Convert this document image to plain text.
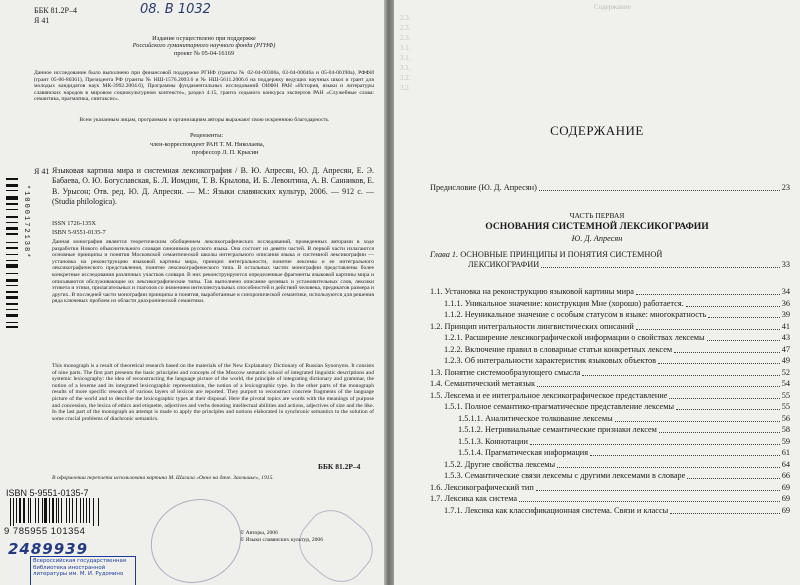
08. В 1032
ББК 81.2Р–4
Я 41

Издание осуществлено при поддержке

Российского гуманитарного научного фонда (РГНФ)

проект № 05-04-16169

Данное исследование было выполнено при финансовой поддержке РГНФ (гранты № 02-04-00306а, 03-04-00046а и 05-04-00190а), РФФИ (грант 05-06-80361), Президента РФ (гранты № НШ-1576.2003.6 и № НШ-5611.2006.6 на поддержку ведущих научных школ и грант для молодых кандидатов наук МК-3992.2004.6), Программы фундаментальных исследований ОИФН РАН «История, языки и литературы славянских народов в мировом социокультурном контексте», раздел 4.15, гранта седьмого конкурса экспертов РАН «Служебные слова: семантика, прагматика, синтаксис».

Всем указанным лицам, программам и организациям авторы выражают свою искреннюю благодарность

Рецензенты:
член-корреспондент РАН Т. М. Николаева,
профессор Л. П. Крысин
Я 41 Языковая картина мира и системная лексикография / В. Ю. Апресян, Ю. Д. Апресян, Е. Э. Бабаева, О. Ю. Богуславская, Б. Л. Иомдин, Т. В. Крылова, И. Б. Левонтина, А. В. Санников, Е. В. Урысон; Отв. ред. Ю. Д. Апресян. — М.: Языки славянских культур, 2006. — 912 с. — (Studia philologica).

ISSN 1726-135X
ISBN 5-9551-0135-7

Данная монография является теоретическим обобщением лексикографических исследований, проведенных авторами в ходе разработки Нового объяснительного словаря синонимов русского языка. Она состоит из девяти частей. В первой части излагаются основные принципы и понятия Московской семантической школы интегрального описания языка и системной лексикографии — установка на реконструкцию языковой картины мира, принцип интегральности, понятие лексемы и ее интегрального лексикографического представления, понятие лексикографического типа. В остальных частях монографии представлены более конкретные исследования различных участков словаря. В них реконструируются определенные фрагменты языковой картины мира и описываются обслуживающие их лексикографические типы. Так выполнено описание целевых и установительных слов, лексики этикета и этики, прилагательных и глаголов со значением интеллектуальных способностей и действий человека, предикатов размера и других. В последней части монографии принципы и понятия, выработанные в синхронической семантике, используются для решения ряда ключевых проблем из области диахронической семантики.

This monograph is a result of theoretical research based on the materials of the New Explanatory Dictionary of Russian Synonyms. It consists of nine parts. The first part presents the basic principles and concepts of the Moscow semantic school of integrated linguistic descriptions and systemic lexicography: the idea of reconstructing the language picture of the world, the principle of integrating dictionary and grammar, the notion of a lexeme and its integrated lexicographic representation, the notion of a lexicographic type. In the other parts of the monograph results of more specific research of various layers of lexicon are reported. They purport to reconstruct concrete fragments of the language picture of the world and to describe the lexicographic types at their disposal. Here the pivotal topics are words with the meanings of purpose and concession, the lexica of ethics and etiquette, adjectives and verbs denoting intellectual abilities and actions, adjectives of size and the like. In the last part of the monograph an attempt is made to apply the principles and notions elaborated in synchronic semantics to the solution of some crucial problems of diachronic semantics.

ББК 81.2Р–4
В оформлении переплета использована картина М. Шагала «Окно на даче. Заольшье», 1915.
*1000172138*
ISBN 5-9551-0135-7
9 785955 101354	© Авторы, 2006
© Языки славянских культур, 2006
2489939
Всероссийская государственная библиотека иностранной литературы им. М. И. Рудомино
Содержание
2.3.
2.3.
2.3.
3.1.
3.1.
3.1.
3.2.
3.2.
СОДЕРЖАНИЕ
Предисловие (Ю. Д. Апресян)	23
ЧАСТЬ ПЕРВАЯ
ОСНОВАНИЯ СИСТЕМНОЙ ЛЕКСИКОГРАФИИ
Ю. Д. Апресян
Глава 1. ОСНОВНЫЕ ПРИНЦИПЫ И ПОНЯТИЯ СИСТЕМНОЙ
ЛЕКСИКОГРАФИИ	33
1.1. Установка на реконструкцию языковой картины мира	34
1.1.1. Уникальное значение: конструкция Мне (хорошо) работается.	36
1.1.2. Неуникальное значение с особым статусом в языке: многократность	39
1.2. Принцип интегральности лингвистических описаний	41
1.2.1. Расширение лексикографической информации о свойствах лексемы	43
1.2.2. Включение правил в словарные статьи конкретных лексем	47
1.2.3. Об интегральности характеристик языковых объектов	49
1.3. Понятие системообразующего смысла	52
1.4. Семантический метаязык	54
1.5. Лексема и ее интегральное лексикографическое представление	55
1.5.1. Полное семантико-прагматическое представление лексемы	55
1.5.1.1. Аналитическое толкование лексемы	56
1.5.1.2. Нетривиальные семантические признаки лексем	58
1.5.1.3. Коннотации	59
1.5.1.4. Прагматическая информация	61
1.5.2. Другие свойства лексемы	64
1.5.3. Семантические связи лексемы с другими лексемами в словаре	66
1.6. Лексикографический тип	69
1.7. Лексика как система	69
1.7.1. Лексика как классификационная система. Связи и классы	69
